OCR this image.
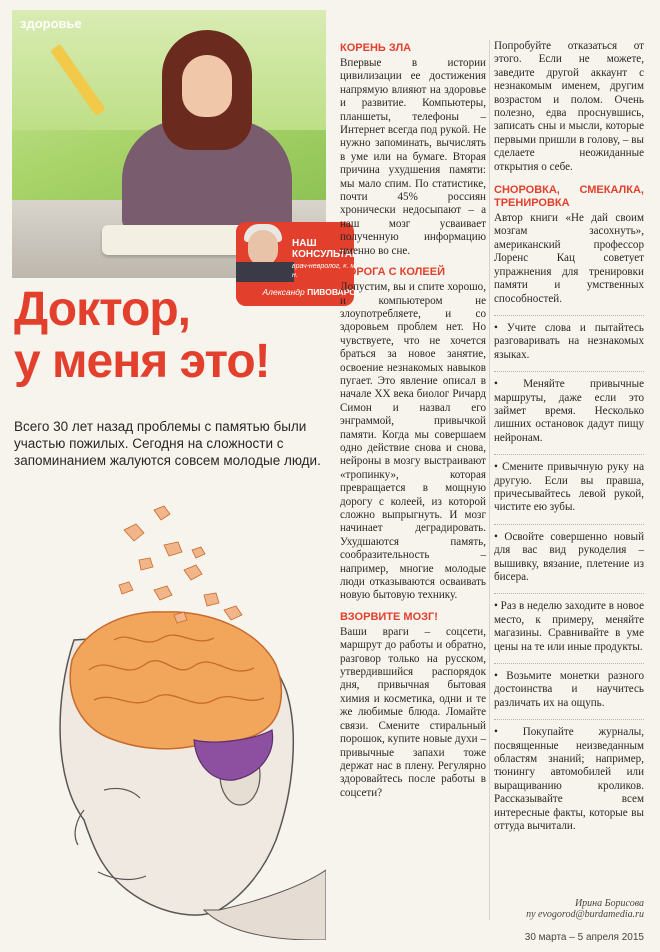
здоровье
НАШ КОНСУЛЬТАНТ
врач-невролог, к. м. н.
Александр ПИВОВАРОВ
Доктор,
у меня это!
Всего 30 лет назад проблемы с памятью были участью пожилых. Сегодня на сложности с запоминанием жалуются совсем молодые люди.
КОРЕНЬ ЗЛА

Впервые в истории цивилизации ее достижения напрямую влияют на здоровье и развитие. Компьютеры, планшеты, телефоны – Интернет всегда под рукой. Не нужно запоминать, вычислять в уме или на бумаге. Вторая причина ухудшения памяти: мы мало спим. По статистике, почти 45% россиян хронически недосыпают – а наш мозг усваивает полученную информацию именно во сне.

ДОРОГА С КОЛЕЕЙ

Допустим, вы и спите хорошо, и компьютером не злоупотребляете, и со здоровьем проблем нет. Но чувствуете, что не хочется браться за новое занятие, освоение незнакомых навыков пугает. Это явление описал в начале XX века биолог Ричард Симон и назвал его энграммой, привычкой памяти. Когда мы совершаем одно действие снова и снова, нейроны в мозгу выстраивают «тропинку», которая превращается в мощную дорогу с колеей, из которой сложно выпрыгнуть. И мозг начинает деградировать. Ухудшаются память, сообразительность – например, многие молодые люди отказываются осваивать новую бытовую технику.

ВЗОРВИТЕ МОЗГ!

Ваши враги – соцсети, маршрут до работы и обратно, разговор только на русском, утвердившийся распорядок дня, привычная бытовая химия и косметика, одни и те же любимые блюда. Ломайте связи. Смените стиральный порошок, купите новые духи – привычные запахи тоже держат нас в плену. Регулярно здоровайтесь после работы в соцсети?

Попробуйте отказаться от этого. Если не можете, заведите другой аккаунт с незнакомым именем, другим возрастом и полом. Очень полезно, едва проснувшись, записать сны и мысли, которые первыми пришли в голову, – вы сделаете неожиданные открытия о себе.

СНОРОВКА, СМЕКАЛКА, ТРЕНИРОВКА

Автор книги «Не дай своим мозгам засохнуть», американский профессор Лоренс Кац советует упражнения для тренировки памяти и умственных способностей.

• Учите слова и пытайтесь разговаривать на незнакомых языках.

• Меняйте привычные маршруты, даже если это займет время. Несколько лишних остановок дадут пищу нейронам.

• Смените привычную руку на другую. Если вы правша, причесывайтесь левой рукой, чистите ею зубы.

• Освойте совершенно новый для вас вид рукоделия – вышивку, вязание, плетение из бисера.

• Раз в неделю заходите в новое место, к примеру, меняйте магазины. Сравнивайте в уме цены на те или иные продукты.

• Возьмите монетки разного достоинства и научитесь различать их на ощупь.

• Покупайте журналы, посвященные неизведанным областям знаний; например, тюнингу автомобилей или выращиванию кроликов. Рассказывайте всем интересные факты, которые вы оттуда вычитали.

Ирина Борисова
ny evogorod@burdamedia.ru
30 марта – 5 апреля 2015
